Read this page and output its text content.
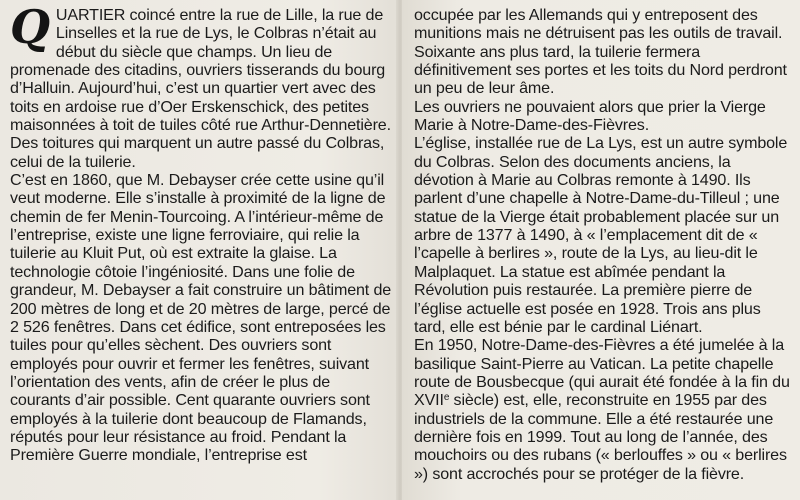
QUARTIER coincé entre la rue de Lille, la rue de Linselles et la rue de Lys, le Colbras n’était au début du siècle que champs. Un lieu de promenade des citadins, ouvriers tisserands du bourg d’Halluin. Aujourd’hui, c’est un quartier vert avec des toits en ardoise rue d’Oer Erskenschick, des petites maisonnées à toit de tuiles côté rue Arthur-Dennetière. Des toitures qui marquent un autre passé du Colbras, celui de la tuilerie.

C’est en 1860, que M. Debayser crée cette usine qu’il veut moderne. Elle s’installe à proximité de la ligne de chemin de fer Menin-Tourcoing. A l’intérieur-même de l’entreprise, existe une ligne ferroviaire, qui relie la tuilerie au Kluit Put, où est extraite la glaise. La technologie côtoie l’ingéniosité. Dans une folie de grandeur, M. Debayser a fait construire un bâtiment de 200 mètres de long et de 20 mètres de large, percé de 2 526 fenêtres. Dans cet édifice, sont entreposées les tuiles pour qu’elles sèchent. Des ouvriers sont employés pour ouvrir et fermer les fenêtres, suivant l’orientation des vents, afin de créer le plus de courants d’air possible. Cent quarante ouvriers sont employés à la tuilerie dont beaucoup de Flamands, réputés pour leur résistance au froid. Pendant la Première Guerre mondiale, l’entreprise est

occupée par les Allemands qui y entreposent des munitions mais ne détruisent pas les outils de travail. Soixante ans plus tard, la tuilerie fermera définitivement ses portes et les toits du Nord perdront un peu de leur âme.

Les ouvriers ne pouvaient alors que prier la Vierge Marie à Notre-Dame-des-Fièvres.

L’église, installée rue de La Lys, est un autre symbole du Colbras. Selon des documents anciens, la dévotion à Marie au Colbras remonte à 1490. Ils parlent d’une chapelle à Notre-Dame-du-Tilleul ; une statue de la Vierge était probablement placée sur un arbre de 1377 à 1490, à « l’emplacement dit de « l’capelle à berlires », route de la Lys, au lieu-dit le Malplaquet. La statue est abîmée pendant la Révolution puis restaurée. La première pierre de l’église actuelle est posée en 1928. Trois ans plus tard, elle est bénie par le cardinal Liénart.

En 1950, Notre-Dame-des-Fièvres a été jumelée à la basilique Saint-Pierre au Vatican. La petite chapelle route de Bousbecque (qui aurait été fondée à la fin du XVIIe siècle) est, elle, reconstruite en 1955 par des industriels de la commune. Elle a été restaurée une dernière fois en 1999. Tout au long de l’année, des mouchoirs ou des rubans (« berlouffes » ou « berlires ») sont accrochés pour se protéger de la fièvre.
